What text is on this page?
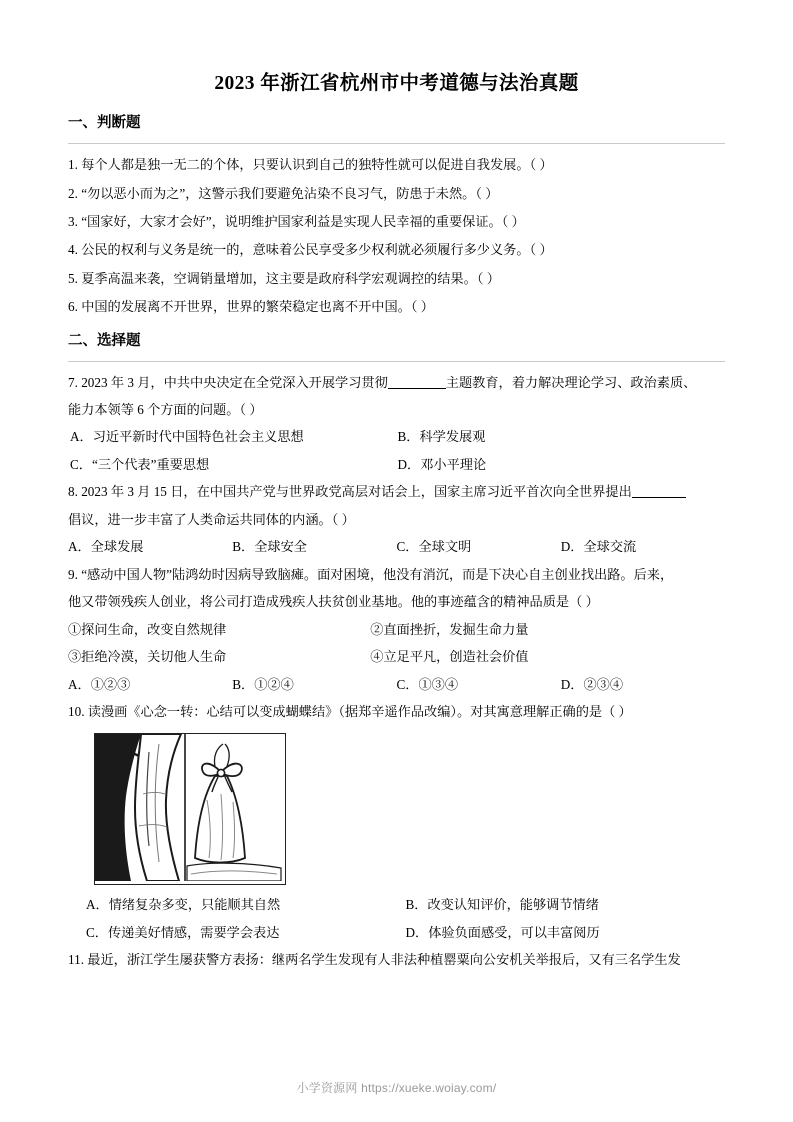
2023 年浙江省杭州市中考道德与法治真题
一、判断题

1. 每个人都是独一无二的个体，只要认识到自己的独特性就可以促进自我发展。（ ）

2. “勿以恶小而为之”，这警示我们要避免沾染不良习气，防患于未然。（ ）

3. “国家好，大家才会好”，说明维护国家利益是实现人民幸福的重要保证。（ ）

4. 公民的权利与义务是统一的，意味着公民享受多少权利就必须履行多少义务。（ ）

5. 夏季高温来袭，空调销量增加，这主要是政府科学宏观调控的结果。（ ）

6. 中国的发展离不开世界，世界的繁荣稳定也离不开中国。（ ）

二、选择题
7. 2023 年 3 月，中共中央决定在全党深入开展学习贯彻	主题教育，着力解决理论学习、政治素质、
能力本领等 6 个方面的问题。（ ）
A．习近平新时代中国特色社会主义思想	B．科学发展观
C．“三个代表”重要思想	D．邓小平理论
8. 2023 年 3 月 15 日，在中国共产党与世界政党高层对话会上，国家主席习近平首次向全世界提出
倡议，进一步丰富了人类命运共同体的内涵。（ ）
A．全球发展	B．全球安全	C．全球文明	D．全球交流
9. “感动中国人物”陆鸿幼时因病导致脑瘫。面对困境，他没有消沉，而是下决心自主创业找出路。后来，
他又带领残疾人创业，将公司打造成残疾人扶贫创业基地。他的事迹蕴含的精神品质是（ ）
①探问生命，改变自然规律	②直面挫折，发掘生命力量
③拒绝冷漠，关切他人生命	④立足平凡，创造社会价值
A．①②③	B．①②④	C．①③④	D．②③④
10. 读漫画《心念一转：心结可以变成蝴蝶结》（据郑辛遥作品改编）。对其寓意理解正确的是（ ）
A．情绪复杂多变，只能顺其自然	B．改变认知评价，能够调节情绪
C．传递美好情感，需要学会表达	D．体验负面感受，可以丰富阅历
11. 最近，浙江学生屡获警方表扬：继两名学生发现有人非法种植罂粟向公安机关举报后，又有三名学生发
小学资源网 https://xueke.woiay.com/
